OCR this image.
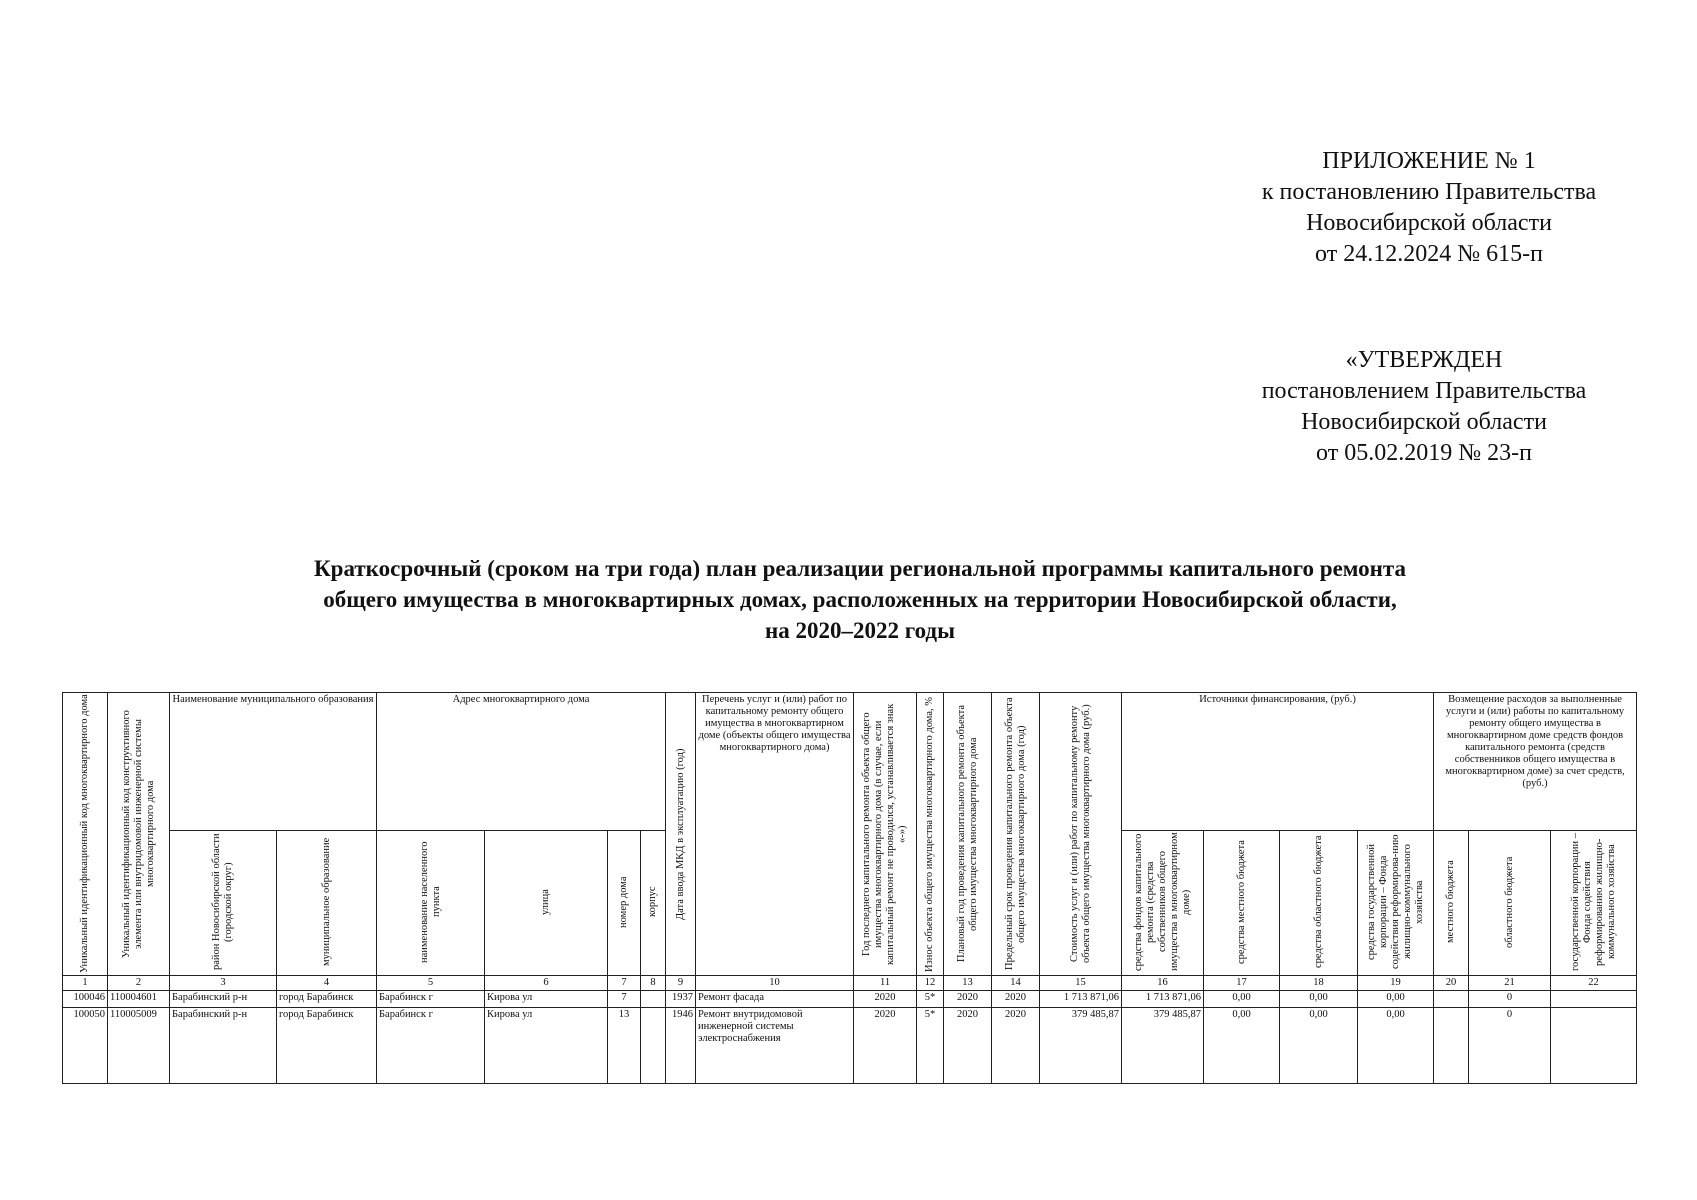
ПРИЛОЖЕНИЕ № 1
к постановлению Правительства
Новосибирской области
от 24.12.2024 № 615-п
«УТВЕРЖДЕН
постановлением Правительства
Новосибирской области
от 05.02.2019 № 23-п
Краткосрочный (сроком на три года) план реализации региональной программы капитального ремонта
общего имущества в многоквартирных домах, расположенных на территории Новосибирской области,
на 2020–2022 годы
Уникальный идентификационный код многоквартирного дома	Уникальный идентификационный код конструктивного элемента или внутридомовой инженерной системы многоквартирного дома	Наименование муниципального образования		Адрес многоквартирного дома				Дата ввода МКД в эксплуатацию (год)	Перечень услуг и (или) работ по капитальному ремонту общего имущества в многоквартирном доме (объекты общего имущества многоквартирного дома)	Год последнего капитального ремонта объекта общего имущества многоквартирного дома (в случае, если капитальный ремонт не проводился, устанавливается знак «-»)	Износ объекта общего имущества многоквартирного дома, %	Плановый год проведения капитального ремонта объекта общего имущества многоквартирного дома	Предельный срок проведения капитального ремонта объекта общего имущества многоквартирного дома (год)	Стоимость услуг и (или) работ по капитальному ремонту объекта общего имущества многоквартирного дома (руб.)	Источники финансирования, (руб.)				Возмещение расходов за выполненные услуги и (или) работы по капитальному ремонту общего имущества в многоквартирном доме средств фондов капитального ремонта (средств собственников общего имущества в многоквартирном доме) за счет средств, (руб.)		

		район Новосибирской области (городской округ)	муниципальное образование	наименование населенного пункта	улица	номер дома	корпус								средства фондов капитального ремонта (средства собственников общего имущества в многоквартирном доме)	средства местного бюджета	средства областного бюджета	средства государственной корпорации – Фонда содействия реформирова-нию жилищно-коммунального хозяйства	местного бюджета	областного бюджета	государственной корпорации – Фонда содействия реформированию жилищно-коммунального хозяйства

1	2	3	4	5	6	7	8	9	10	11	12	13	14	15	16	17	18	19	20	21	22
100046	110004601	Барабинский р-н	город Барабинск	Барабинск г	Кирова ул	7		1937	Ремонт фасада	2020	5*	2020	2020	1 713 871,06	1 713 871,06	0,00	0,00	0,00		0	
100050	110005009	Барабинский р-н	город Барабинск	Барабинск г	Кирова ул	13		1946	Ремонт внутридомовой инженерной системы электроснабжения	2020	5*	2020	2020	379 485,87	379 485,87	0,00	0,00	0,00		0	
